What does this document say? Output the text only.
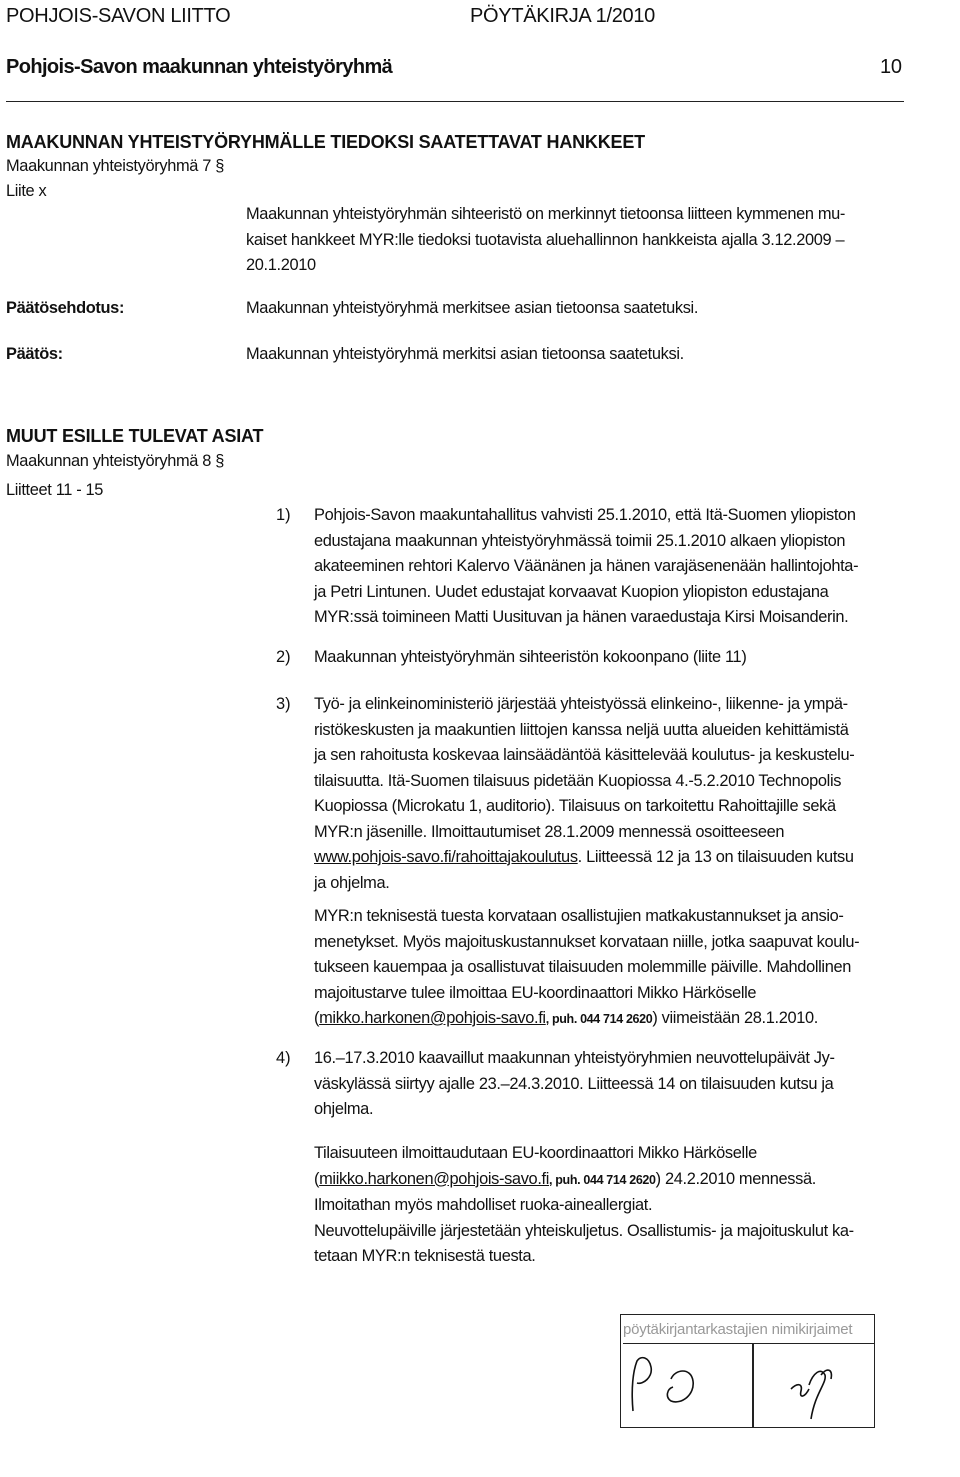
POHJOIS-SAVON LIITTO	PÖYTÄKIRJA 1/2010
Pohjois-Savon maakunnan yhteistyöryhmä	10
MAAKUNNAN YHTEISTYÖRYHMÄLLE TIEDOKSI SAATETTAVAT HANKKEET
Maakunnan yhteistyöryhmä 7 §
Liite x
Maakunnan yhteistyöryhmän sihteeristö on merkinnyt tietoonsa liitteen kymmenen mu-
kaiset hankkeet MYR:lle tiedoksi tuotavista aluehallinnon hankkeista ajalla 3.12.2009 –
20.1.2010
Päätösehdotus:	Maakunnan yhteistyöryhmä merkitsee asian tietoonsa saatetuksi.
Päätös:	Maakunnan yhteistyöryhmä merkitsi asian tietoonsa saatetuksi.
MUUT ESILLE TULEVAT ASIAT
Maakunnan yhteistyöryhmä 8 §
Liitteet 11 - 15
1) Pohjois-Savon maakuntahallitus vahvisti 25.1.2010, että Itä-Suomen yliopiston
edustajana maakunnan yhteistyöryhmässä toimii 25.1.2010 alkaen yliopiston
akateeminen rehtori Kalervo Väänänen ja hänen varajäsenenään hallintojohta-
ja Petri Lintunen. Uudet edustajat korvaavat Kuopion yliopiston edustajana
MYR:ssä toimineen Matti Uusituvan ja hänen varaedustaja Kirsi Moisanderin.
2) Maakunnan yhteistyöryhmän sihteeristön kokoonpano (liite 11)
3) Työ- ja elinkeinoministeriö järjestää yhteistyössä elinkeino-, liikenne- ja ympä-
ristökeskusten ja maakuntien liittojen kanssa neljä uutta alueiden kehittämistä
ja sen rahoitusta koskevaa lainsäädäntöä käsittelevää koulutus- ja keskustelu-
tilaisuutta. Itä-Suomen tilaisuus pidetään Kuopiossa 4.-5.2.2010 Technopolis
Kuopiossa (Microkatu 1, auditorio). Tilaisuus on tarkoitettu Rahoittajille sekä
MYR:n jäsenille. Ilmoittautumiset 28.1.2009 mennessä osoitteeseen
www.pohjois-savo.fi/rahoittajakoulutus. Liitteessä 12 ja 13 on tilaisuuden kutsu
ja ohjelma.
MYR:n teknisestä tuesta korvataan osallistujien matkakustannukset ja ansio-
menetykset. Myös majoituskustannukset korvataan niille, jotka saapuvat koulu-
tukseen kauempaa ja osallistuvat tilaisuuden molemmille päiville. Mahdollinen
majoitustarve tulee ilmoittaa EU-koordinaattori Mikko Härköselle
(mikko.harkonen@pohjois-savo.fi, puh. 044 714 2620) viimeistään 28.1.2010.
4) 16.–17.3.2010 kaavaillut maakunnan yhteistyöryhmien neuvottelupäivät Jy-
väskylässä siirtyy ajalle 23.–24.3.2010. Liitteessä 14 on tilaisuuden kutsu ja
ohjelma.
Tilaisuuteen ilmoittaudutaan EU-koordinaattori Mikko Härköselle
(miikko.harkonen@pohjois-savo.fi, puh. 044 714 2620) 24.2.2010 mennessä.
Ilmoitathan myös mahdolliset ruoka-aineallergiat.
Neuvottelupäiville järjestetään yhteiskuljetus. Osallistumis- ja majoituskulut ka-
tetaan MYR:n teknisestä tuesta.
pöytäkirjantarkastajien nimikirjaimet
